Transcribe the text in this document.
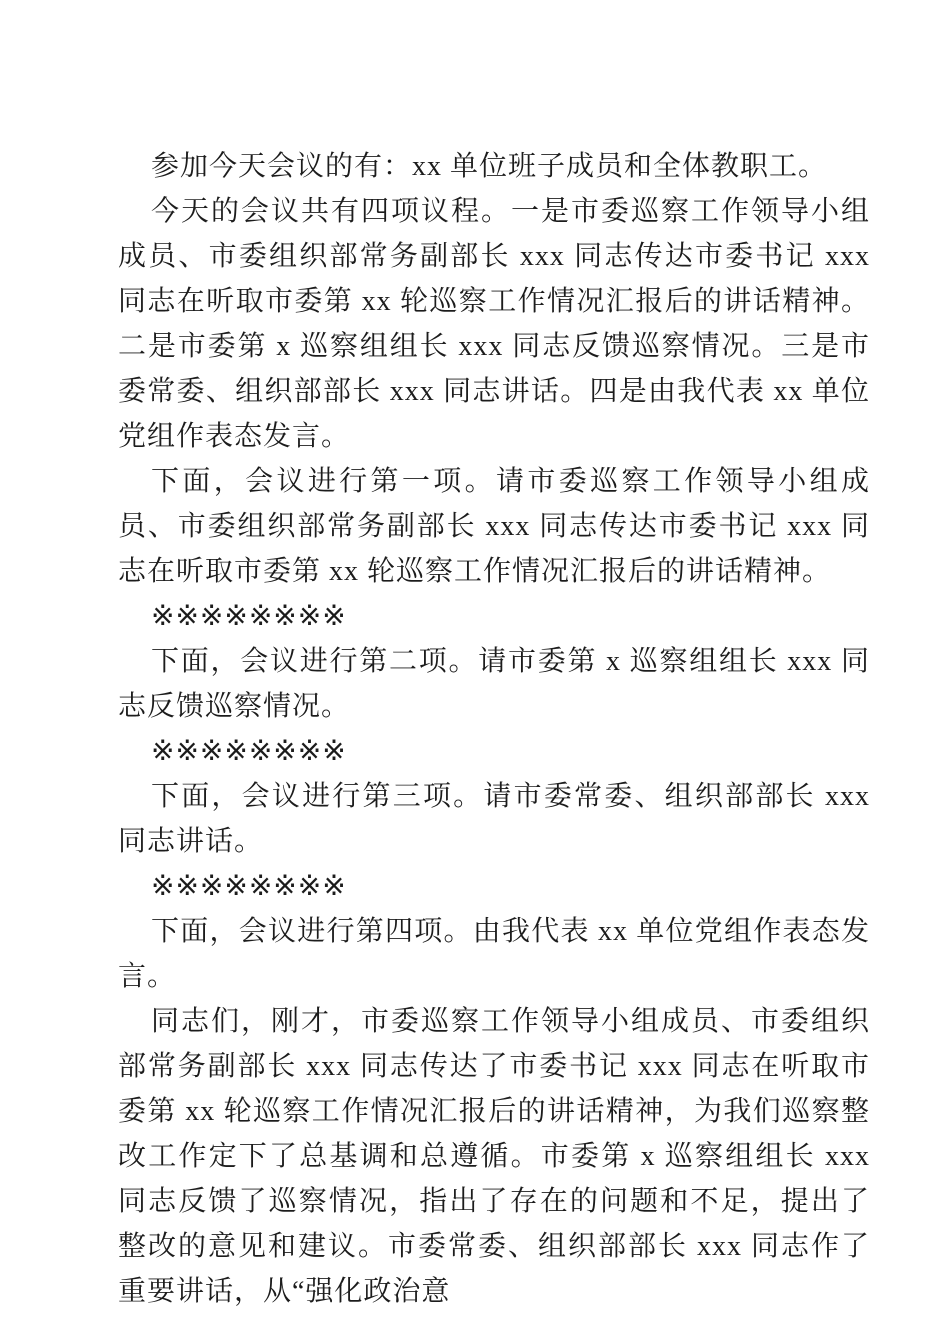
参加今天会议的有：xx 单位班子成员和全体教职工。

今天的会议共有四项议程。一是市委巡察工作领导小组成员、市委组织部常务副部长 xxx 同志传达市委书记 xxx 同志在听取市委第 xx 轮巡察工作情况汇报后的讲话精神。二是市委第 x 巡察组组长 xxx 同志反馈巡察情况。三是市委常委、组织部部长 xxx 同志讲话。四是由我代表 xx 单位党组作表态发言。

下面，会议进行第一项。请市委巡察工作领导小组成员、市委组织部常务副部长 xxx 同志传达市委书记 xxx 同志在听取市委第 xx 轮巡察工作情况汇报后的讲话精神。

※※※※※※※※

下面，会议进行第二项。请市委第 x 巡察组组长 xxx 同志反馈巡察情况。

※※※※※※※※

下面，会议进行第三项。请市委常委、组织部部长 xxx 同志讲话。

※※※※※※※※

下面，会议进行第四项。由我代表 xx 单位党组作表态发言。

同志们，刚才，市委巡察工作领导小组成员、市委组织部常务副部长 xxx 同志传达了市委书记 xxx 同志在听取市委第 xx 轮巡察工作情况汇报后的讲话精神，为我们巡察整改工作定下了总基调和总遵循。市委第 x 巡察组组长 xxx 同志反馈了巡察情况，指出了存在的问题和不足，提出了整改的意见和建议。市委常委、组织部部长 xxx 同志作了重要讲话，从“强化政治意
